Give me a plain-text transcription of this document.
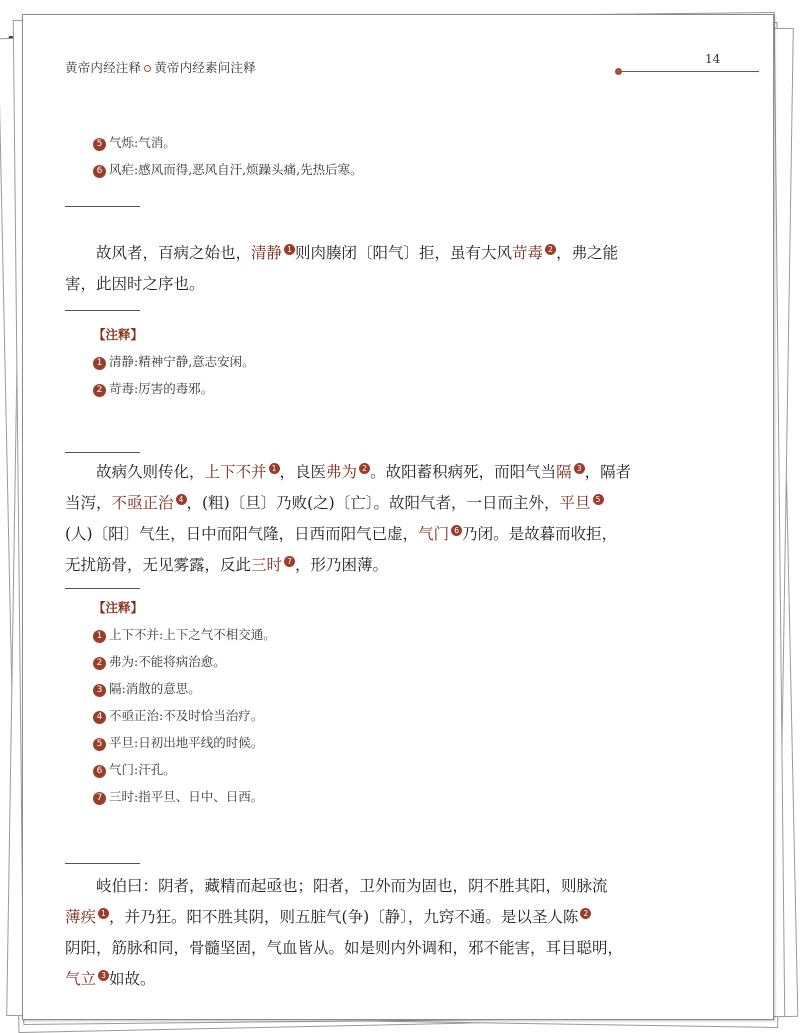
黄帝内经注释 黄帝内经素问注释
14
5 气烁:气消。
6 风疟:感风而得,恶风自汗,烦躁头痛,先热后寒。
　　故风者，百病之始也，清静 1 则肉腠闭〔阳气〕拒，虽有大风苛毒 2 ，弗之能
害，此因时之序也。
【注释】
1 清静:精神宁静,意志安闲。
2 苛毒:厉害的毒邪。
　　故病久则传化，上下不并 1 ，良医弗为 2 。故阳蓄积病死，而阳气当隔 3 ，隔者
当泻，不亟正治 4 ，(粗)〔旦〕乃败(之)〔亡〕。故阳气者，一日而主外，平旦 5
(人)〔阳〕气生，日中而阳气隆，日西而阳气已虚，气门 6 乃闭。是故暮而收拒，
无扰筋骨，无见雾露，反此三时 7 ，形乃困薄。
【注释】
1 上下不并:上下之气不相交通。
2 弗为:不能将病治愈。
3 隔:消散的意思。
4 不亟正治:不及时恰当治疗。
5 平旦:日初出地平线的时候。
6 气门:汗孔。
7 三时:指平旦、日中、日西。
　　岐伯曰：阴者，藏精而起亟也；阳者，卫外而为固也，阴不胜其阳，则脉流
薄疾 1 ，并乃狂。阳不胜其阴，则五脏气(争)〔静〕，九窍不通。是以圣人陈 2
阴阳，筋脉和同，骨髓坚固，气血皆从。如是则内外调和，邪不能害，耳目聪明，
气立 3 如故。
